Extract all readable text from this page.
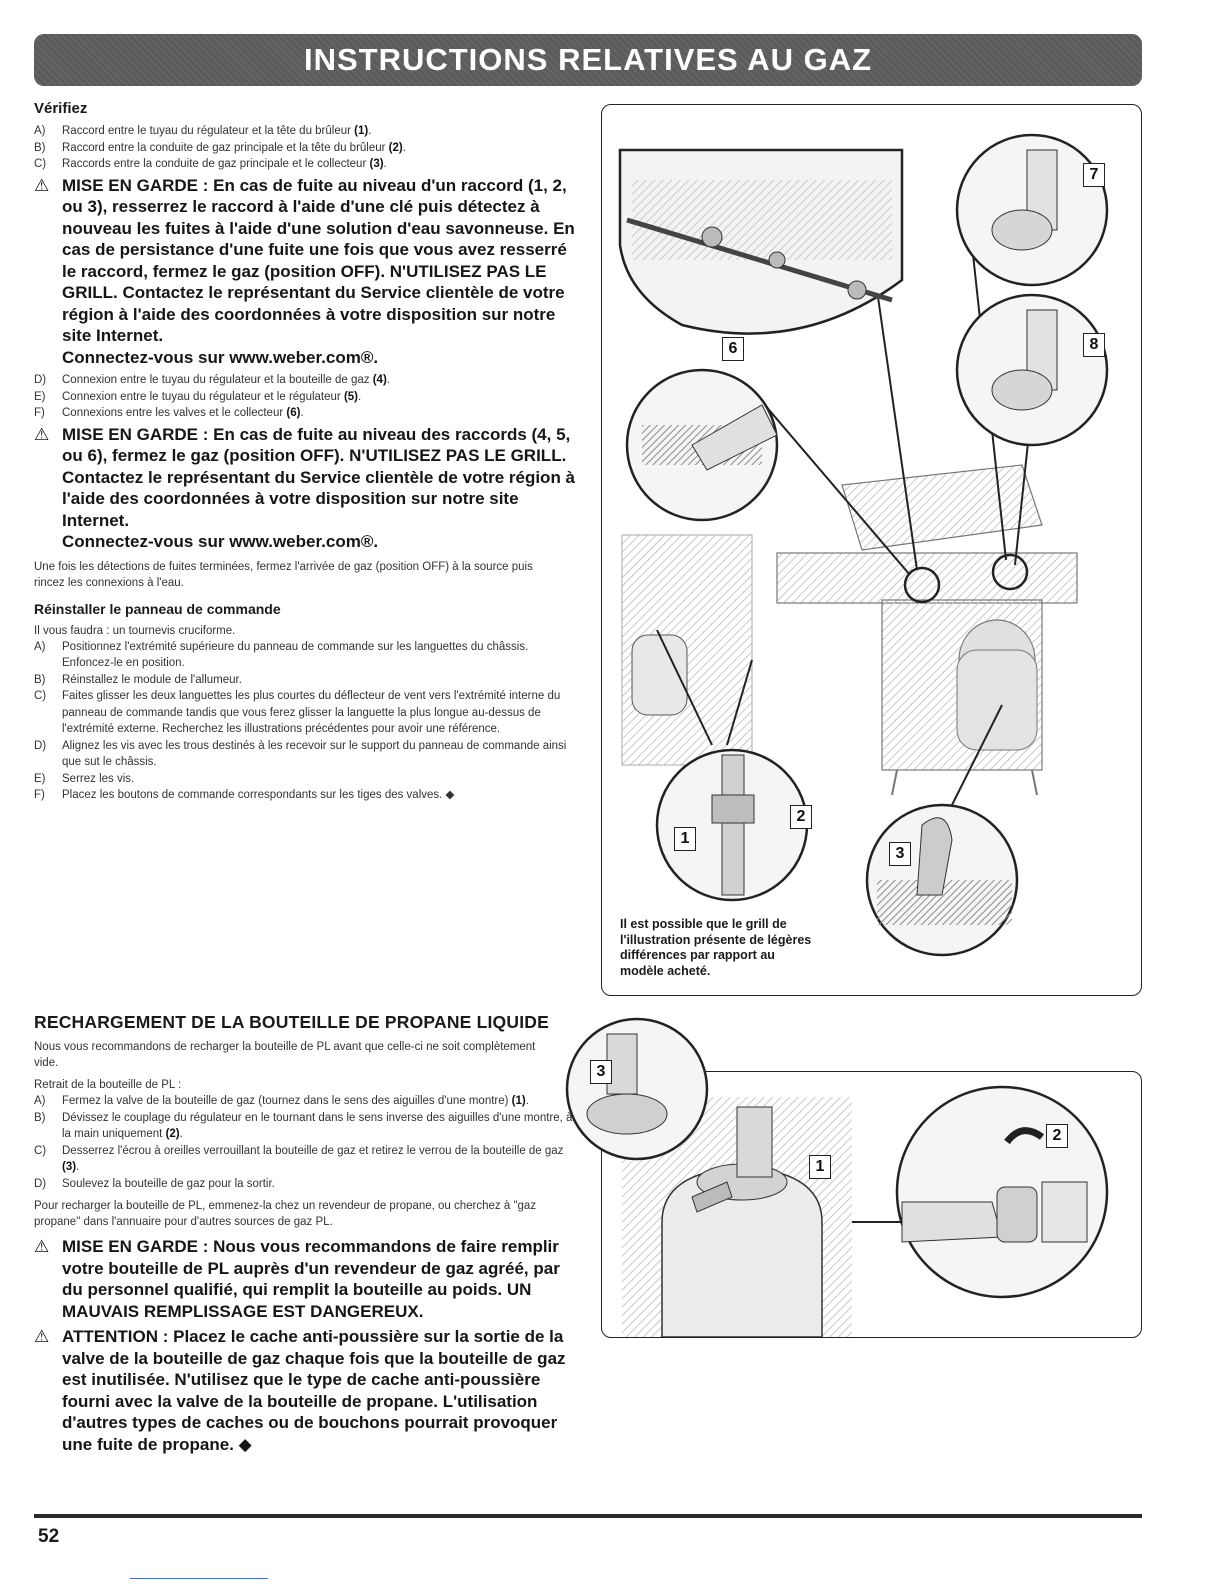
INSTRUCTIONS RELATIVES AU GAZ
Vérifiez
A) Raccord entre le tuyau du régulateur et la tête du brûleur (1).
B) Raccord entre la conduite de gaz principale et la tête du brûleur (2).
C) Raccords entre la conduite de gaz principale et le collecteur (3).
⚠ MISE EN GARDE : En cas de fuite au niveau d'un raccord (1, 2, ou 3), resserrez le raccord à l'aide d'une clé puis détectez à nouveau les fuites à l'aide d'une solution d'eau savonneuse. En cas de persistance d'une fuite une fois que vous avez resserré le raccord, fermez le gaz (position OFF). N'UTILISEZ PAS LE GRILL. Contactez le représentant du Service clientèle de votre région à l'aide des coordonnées à votre disposition sur notre site Internet.
Connectez-vous sur www.weber.com®.
D) Connexion entre le tuyau du régulateur et la bouteille de gaz (4).
E) Connexion entre le tuyau du régulateur et le régulateur (5).
F) Connexions entre les valves et le collecteur (6).
⚠ MISE EN GARDE : En cas de fuite au niveau des raccords (4, 5, ou 6), fermez le gaz (position OFF). N'UTILISEZ PAS LE GRILL. Contactez le représentant du Service clientèle de votre région à l'aide des coordonnées à votre disposition sur notre site Internet.
Connectez-vous sur www.weber.com®.
Une fois les détections de fuites terminées, fermez l'arrivée de gaz (position OFF) à la source puis rincez les connexions à l'eau.
Réinstaller le panneau de commande
Il vous faudra : un tournevis cruciforme.
A) Positionnez l'extrémité supérieure du panneau de commande sur les languettes du châssis. Enfoncez-le en position.
B) Réinstallez le module de l'allumeur.
C) Faites glisser les deux languettes les plus courtes du déflecteur de vent vers l'extrémité interne du panneau de commande tandis que vous ferez glisser la languette la plus longue au-dessus de l'extrémité externe. Recherchez les illustrations précédentes pour avoir une référence.
D) Alignez les vis avec les trous destinés à les recevoir sur le support du panneau de commande ainsi que sut le châssis.
E) Serrez les vis.
F) Placez les boutons de commande correspondants sur les tiges des valves. ◆
7
6	8
1
2
3
Il est possible que le grill de l'illustration présente de légères différences par rapport au modèle acheté.
RECHARGEMENT DE LA BOUTEILLE DE PROPANE LIQUIDE
Nous vous recommandons de recharger la bouteille de PL avant que celle-ci ne soit complètement vide.
Retrait de la bouteille de PL :
A) Fermez la valve de la bouteille de gaz (tournez dans le sens des aiguilles d'une montre) (1).
B) Dévissez le couplage du régulateur en le tournant dans le sens inverse des aiguilles d'une montre, à la main uniquement (2).
C) Desserrez l'écrou à oreilles verrouillant la bouteille de gaz et retirez le verrou de la bouteille de gaz (3).
D) Soulevez la bouteille de gaz pour la sortir.
Pour recharger la bouteille de PL, emmenez-la chez un revendeur de propane, ou cherchez à "gaz propane" dans l'annuaire pour d'autres sources de gaz PL.
⚠ MISE EN GARDE : Nous vous recommandons de faire remplir votre bouteille de PL auprès d'un revendeur de gaz agréé, par du personnel qualifié, qui remplit la bouteille au poids. UN MAUVAIS REMPLISSAGE EST DANGEREUX.
⚠ ATTENTION : Placez le cache anti-poussière sur la sortie de la valve de la bouteille de gaz chaque fois que la bouteille de gaz est inutilisée. N'utilisez que le type de cache anti-poussière fourni avec la valve de la bouteille de propane. L'utilisation d'autres types de caches ou de bouchons pourrait provoquer une fuite de propane. ◆
3
1
2
52
